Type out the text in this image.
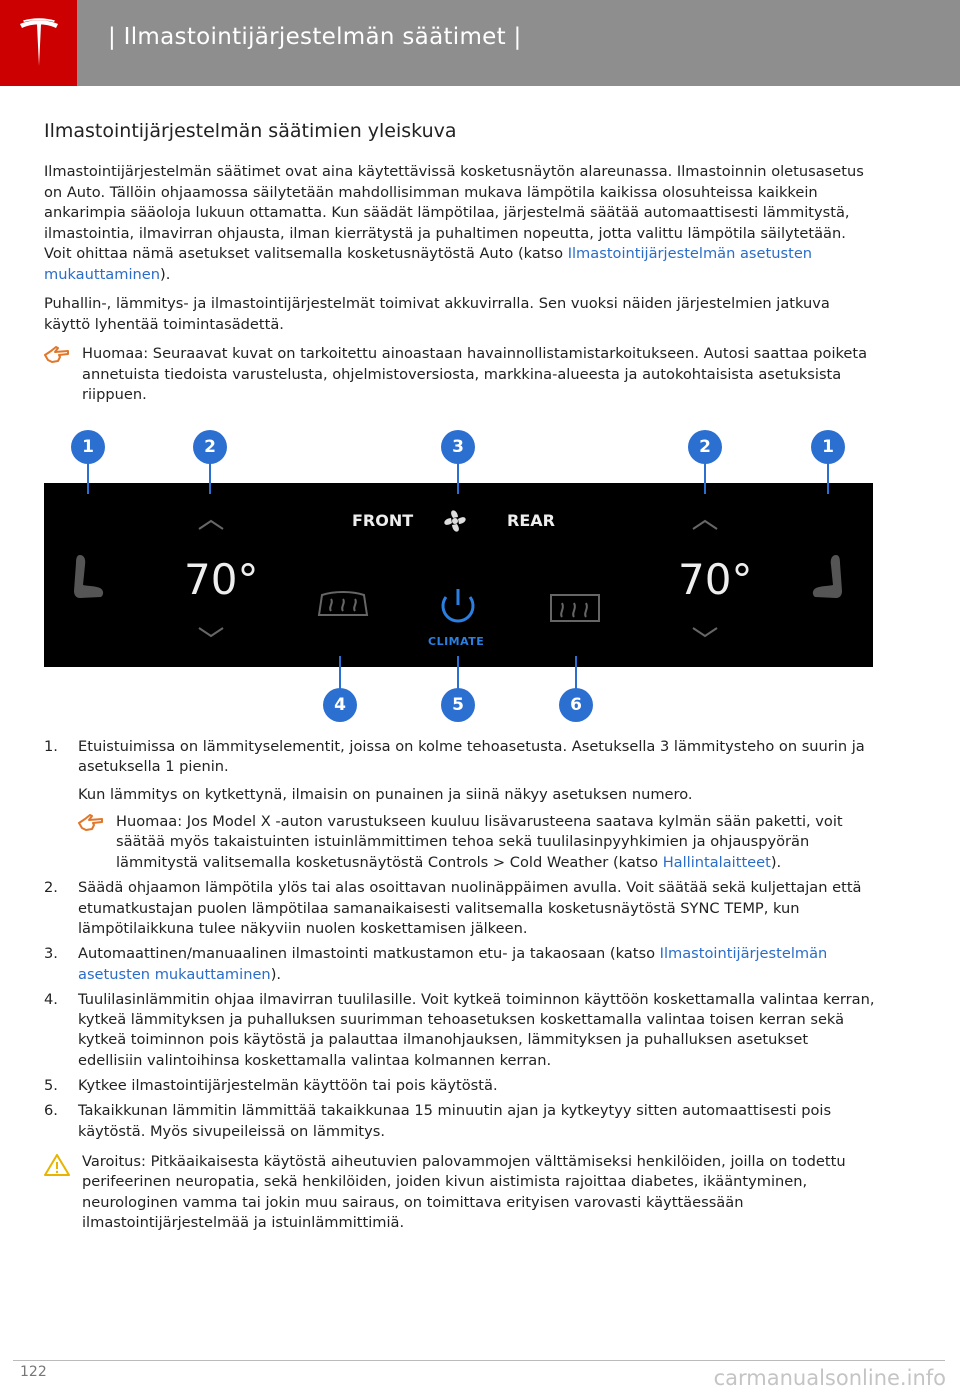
| Ilmastointijärjestelmän säätimet |
Ilmastointijärjestelmän säätimien yleiskuva

Ilmastointijärjestelmän säätimet ovat aina käytettävissä kosketusnäytön alareunassa. Ilmastoinnin oletusasetus on Auto. Tällöin ohjaamossa säilytetään mahdollisimman mukava lämpötila kaikissa olosuhteissa kaikkein ankarimpia sääoloja lukuun ottamatta. Kun säädät lämpötilaa, järjestelmä säätää automaattisesti lämmitystä, ilmastointia, ilmavirran ohjausta, ilman kierrätystä ja puhaltimen nopeutta, jotta valittu lämpötila säilytetään. Voit ohittaa nämä asetukset valitsemalla kosketusnäytöstä Auto (katso Ilmastointijärjestelmän asetusten mukauttaminen).

Puhallin-, lämmitys- ja ilmastointijärjestelmät toimivat akkuvirralla. Sen vuoksi näiden järjestelmien jatkuva käyttö lyhentää toimintasädettä.

Huomaa: Seuraavat kuvat on tarkoitettu ainoastaan havainnollistamistarkoitukseen. Autosi saattaa poiketa annetuista tiedoista varustelusta, ohjelmistoversiosta, markkina-alueesta ja autokohtaisista asetuksista riippuen.
FRONT	REAR
70°	70°
CLIMATE
1	2	3	2	1
4	5	6
1. Etuistuimissa on lämmityselementit, joissa on kolme tehoasetusta. Asetuksella 3 lämmitysteho on suurin ja asetuksella 1 pienin.
Kun lämmitys on kytkettynä, ilmaisin on punainen ja siinä näkyy asetuksen numero.
Huomaa: Jos Model X -auton varustukseen kuuluu lisävarusteena saatava kylmän sään paketti, voit säätää myös takaistuinten istuinlämmittimen tehoa sekä tuulilasinpyyhkimien ja ohjauspyörän lämmitystä valitsemalla kosketusnäytöstä Controls > Cold Weather (katso Hallintalaitteet).
2. Säädä ohjaamon lämpötila ylös tai alas osoittavan nuolinäppäimen avulla. Voit säätää sekä kuljettajan että etumatkustajan puolen lämpötilaa samanaikaisesti valitsemalla kosketusnäytöstä SYNC TEMP, kun lämpötilaikkuna tulee näkyviin nuolen koskettamisen jälkeen.
3. Automaattinen/manuaalinen ilmastointi matkustamon etu- ja takaosaan (katso Ilmastointijärjestelmän asetusten mukauttaminen).
4. Tuulilasinlämmitin ohjaa ilmavirran tuulilasille. Voit kytkeä toiminnon käyttöön koskettamalla valintaa kerran, kytkeä lämmityksen ja puhalluksen suurimman tehoasetuksen koskettamalla valintaa toisen kerran sekä kytkeä toiminnon pois käytöstä ja palauttaa ilmanohjauksen, lämmityksen ja puhalluksen asetukset edellisiin valintoihinsa koskettamalla valintaa kolmannen kerran.
5. Kytkee ilmastointijärjestelmän käyttöön tai pois käytöstä.
6. Takaikkunan lämmitin lämmittää takaikkunaa 15 minuutin ajan ja kytkeytyy sitten automaattisesti pois käytöstä. Myös sivupeileissä on lämmitys.
Varoitus: Pitkäaikaisesta käytöstä aiheutuvien palovammojen välttämiseksi henkilöiden, joilla on todettu perifeerinen neuropatia, sekä henkilöiden, joiden kivun aistimista rajoittaa diabetes, ikääntyminen, neurologinen vamma tai jokin muu sairaus, on toimittava erityisen varovasti käyttäessään ilmastointijärjestelmää ja istuinlämmittimiä.
122	carmanualsonline.info
